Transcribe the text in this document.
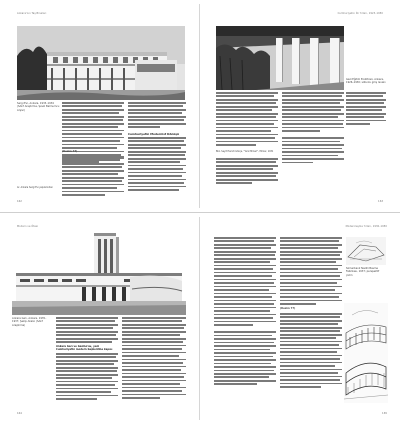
Ankara'nın Taş Binaları
Sergi Evi, Ankara, 1933–1934 (SALT Araştırma, Şevki Balmumcu Arşivi)
(Resim 73)
Cumhuriyetin Modernist Dönüşü
Ar. Ankara Sergi Evi yapılarından
162
Cumhuriyetin İlk Yılları, 1923–1950
Gazi Eğitim Enstitüsü, Ankara, 1926–1930; sütunlu giriş revakı
Bkz. Seyit Hamdi Gökçe, "Yeni Mimari", Mimar, 1931
163
Modern ve Ötesi
Ankara Garı, Ankara, 1935–1937; Şekip Akalın (SALT Araştırma)
Ankara Garı ve Gazino'su, yeni Cumhuriyetin modern başkentine kapısı
164
Modernleşme Yılları, 1930–1950
(Resim 77)
Sümerbank Nazilli Basma Fabrikası, 1937; perspektif çizim
165
